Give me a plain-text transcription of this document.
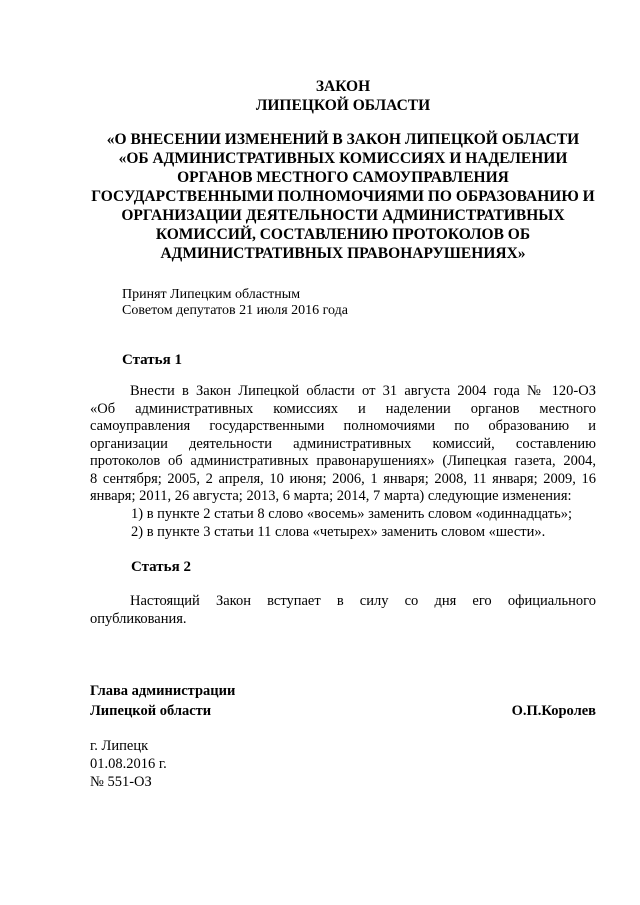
ЗАКОН
ЛИПЕЦКОЙ ОБЛАСТИ
«О ВНЕСЕНИИ ИЗМЕНЕНИЙ В ЗАКОН ЛИПЕЦКОЙ ОБЛАСТИ
«ОБ АДМИНИСТРАТИВНЫХ КОМИССИЯХ И НАДЕЛЕНИИ
ОРГАНОВ МЕСТНОГО САМОУПРАВЛЕНИЯ
ГОСУДАРСТВЕННЫМИ ПОЛНОМОЧИЯМИ ПО ОБРАЗОВАНИЮ И
ОРГАНИЗАЦИИ ДЕЯТЕЛЬНОСТИ АДМИНИСТРАТИВНЫХ
КОМИССИЙ, СОСТАВЛЕНИЮ ПРОТОКОЛОВ ОБ
АДМИНИСТРАТИВНЫХ ПРАВОНАРУШЕНИЯХ»
Принят Липецким областным
Советом депутатов 21 июля 2016 года
Статья 1
Внести в Закон Липецкой области от 31 августа 2004 года № 120-ОЗ
«Об административных комиссиях и наделении органов местного
самоуправления государственными полномочиями по образованию и
организации деятельности административных комиссий, составлению
протоколов об административных правонарушениях» (Липецкая газета, 2004,
8 сентября; 2005, 2 апреля, 10 июня; 2006, 1 января; 2008, 11 января; 2009, 16
января; 2011, 26 августа; 2013, 6 марта; 2014, 7 марта) следующие изменения:
1) в пункте 2 статьи 8 слово «восемь» заменить словом «одиннадцать»;
2) в пункте 3 статьи 11 слова «четырех» заменить словом «шести».
Статья 2
Настоящий Закон вступает в силу со дня его официального
опубликования.
Глава администрации
Липецкой области	О.П.Королев
г. Липецк
01.08.2016 г.
№ 551-ОЗ
